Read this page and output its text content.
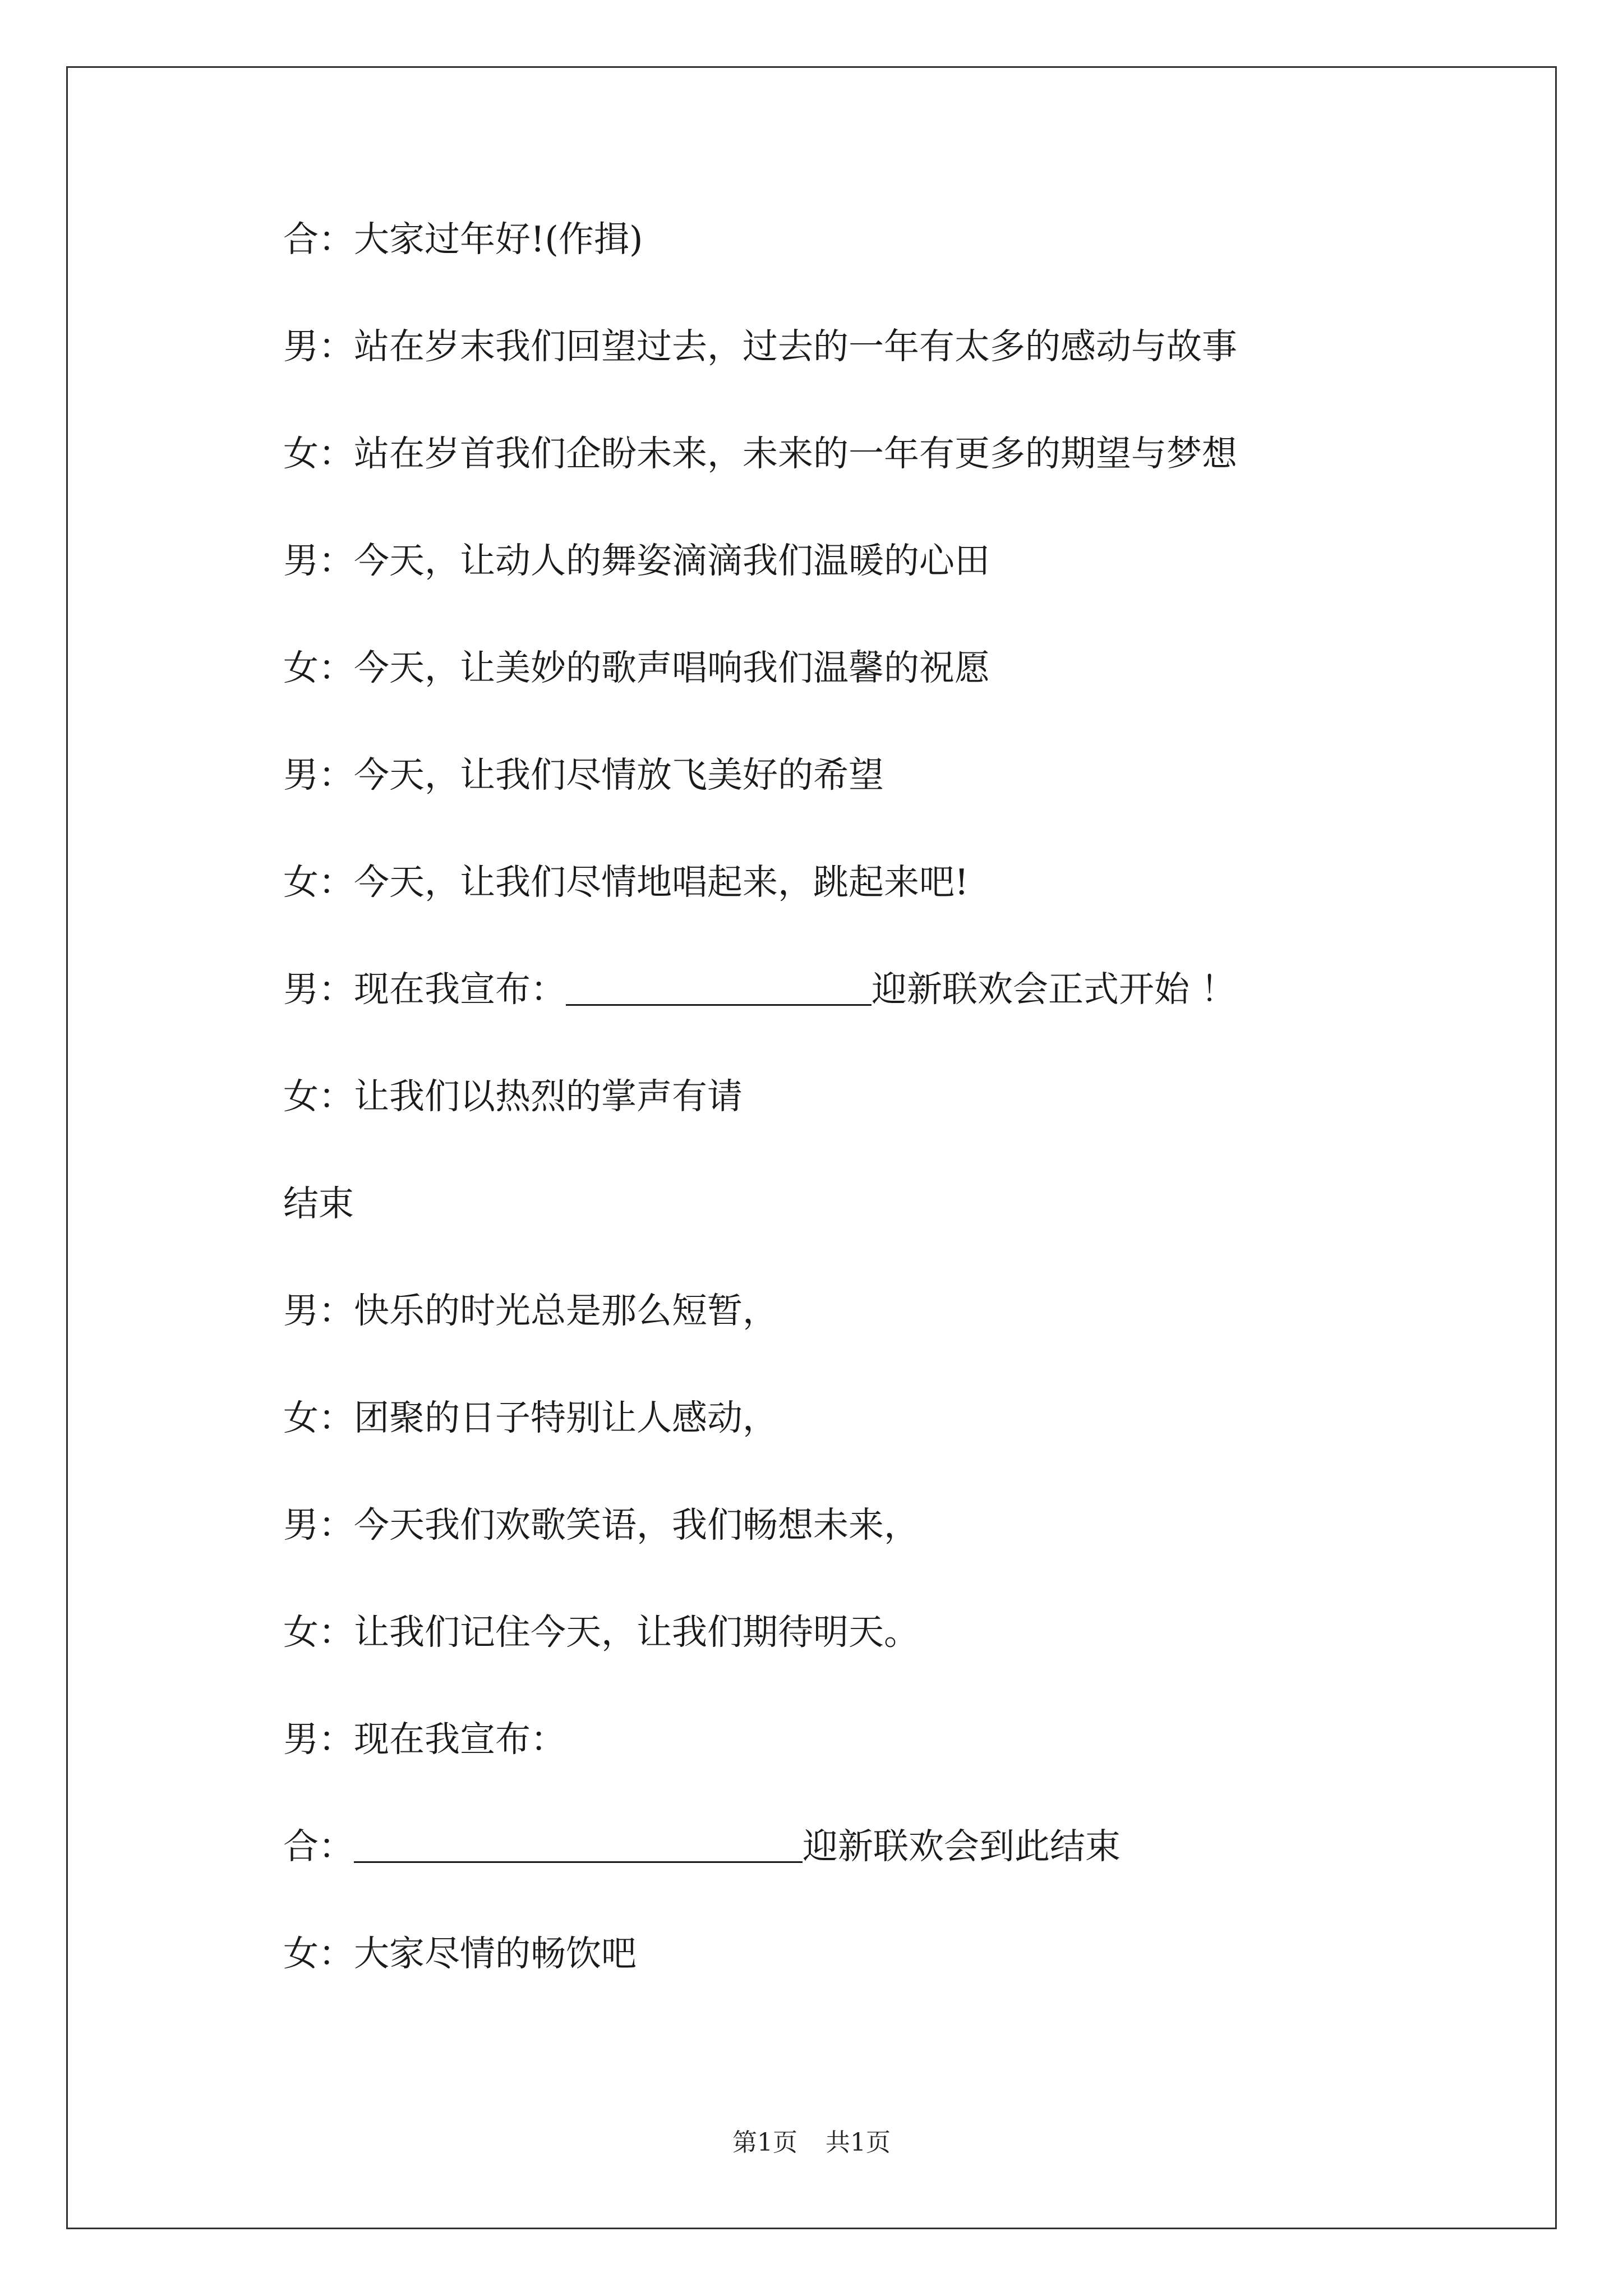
合：大家过年好!(作揖)
男：站在岁末我们回望过去，过去的一年有太多的感动与故事
女：站在岁首我们企盼未来，未来的一年有更多的期望与梦想
男：今天，让动人的舞姿滴滴我们温暖的心田
女：今天，让美妙的歌声唱响我们温馨的祝愿
男：今天，让我们尽情放飞美好的希望
女：今天，让我们尽情地唱起来，跳起来吧!
男：现在我宣布：	迎新联欢会正式开始 ！
女：让我们以热烈的掌声有请
结束
男：快乐的时光总是那么短暂，
女：团聚的日子特别让人感动，
男：今天我们欢歌笑语，我们畅想未来，
女：让我们记住今天，让我们期待明天。
男：现在我宣布：
合：	迎新联欢会到此结束
女：大家尽情的畅饮吧
第1页 共1页
